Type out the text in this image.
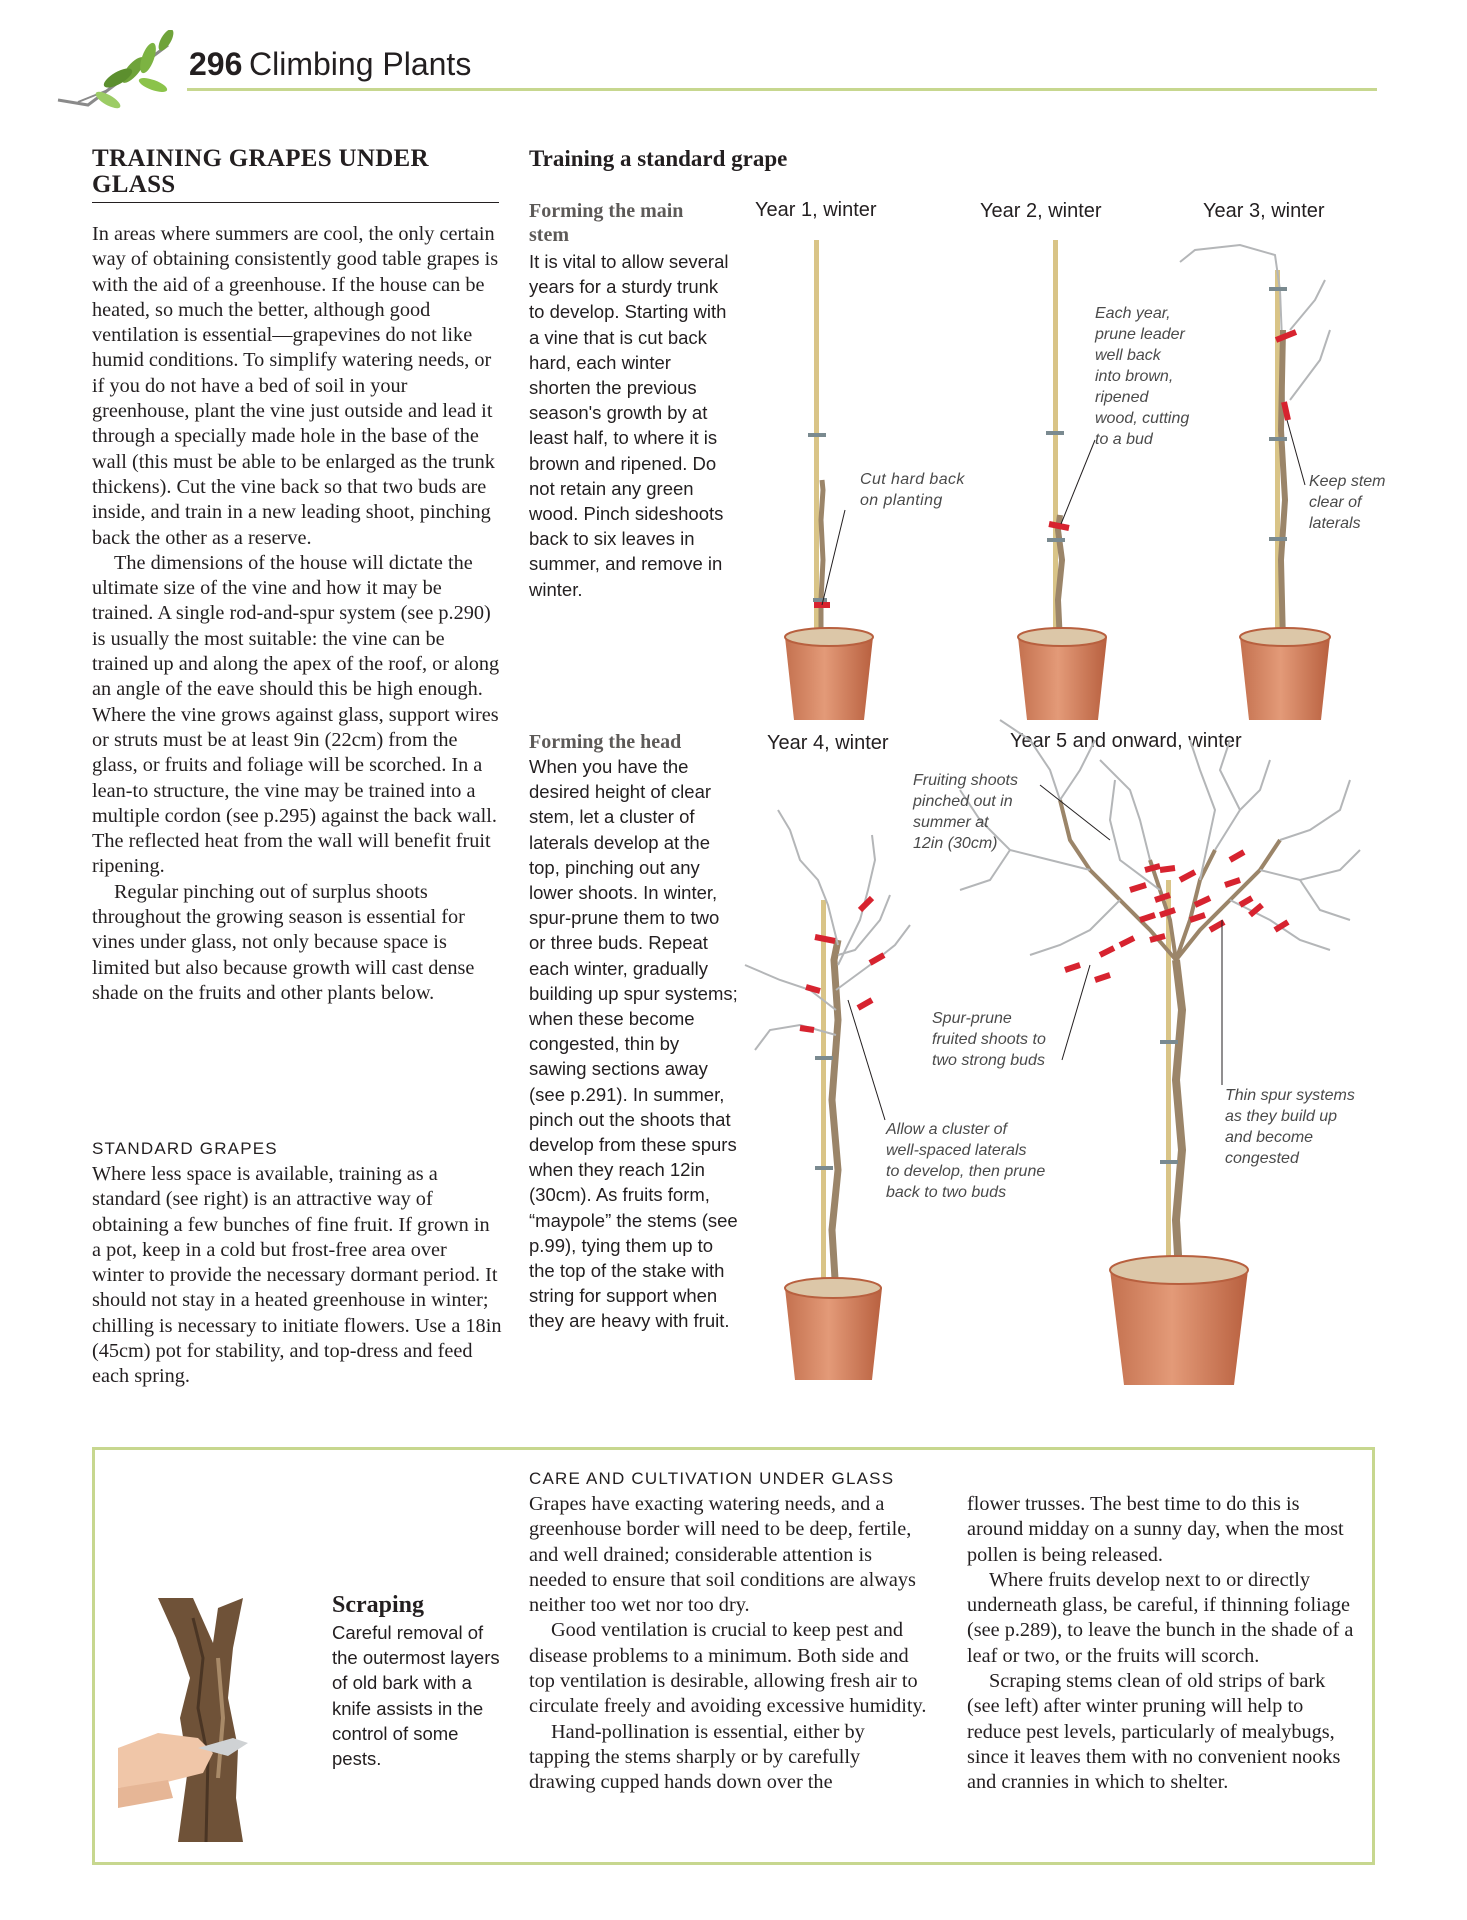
296 Climbing Plants
TRAINING GRAPES UNDER GLASS

In areas where summers are cool, the only certain way of obtaining consistently good table grapes is with the aid of a greenhouse. If the house can be heated, so much the better, although good ventilation is essential—grapevines do not like humid conditions. To simplify watering needs, or if you do not have a bed of soil in your greenhouse, plant the vine just outside and lead it through a specially made hole in the base of the wall (this must be able to be enlarged as the trunk thickens). Cut the vine back so that two buds are inside, and train in a new leading shoot, pinching back the other as a reserve.

The dimensions of the house will dictate the ultimate size of the vine and how it may be trained. A single rod-and-spur system (see p.290) is usually the most suitable: the vine can be trained up and along the apex of the roof, or along an angle of the eave should this be high enough. Where the vine grows against glass, support wires or struts must be at least 9in (22cm) from the glass, or fruits and foliage will be scorched. In a lean-to structure, the vine may be trained into a multiple cordon (see p.295) against the back wall. The reflected heat from the wall will benefit fruit ripening.

Regular pinching out of surplus shoots throughout the growing season is essential for vines under glass, not only because space is limited but also because growth will cast dense shade on the fruits and other plants below.

STANDARD GRAPES

Where less space is available, training as a standard (see right) is an attractive way of obtaining a few bunches of fine fruit. If grown in a pot, keep in a cold but frost-free area over winter to provide the necessary dormant period. It should not stay in a heated greenhouse in winter; chilling is necessary to initiate flowers. Use a 18in (45cm) pot for stability, and top-dress and feed each spring.

Training a standard grape
Forming the main stem
It is vital to allow several years for a sturdy trunk to develop. Starting with a vine that is cut back hard, each winter shorten the previous season's growth by at least half, to where it is brown and ripened. Do not retain any green wood. Pinch sideshoots back to six leaves in summer, and remove in winter.
Forming the head
When you have the desired height of clear stem, let a cluster of laterals develop at the top, pinching out any lower shoots. In winter, spur-prune them to two or three buds. Repeat each winter, gradually building up spur systems; when these become congested, thin by sawing sections away (see p.291). In summer, pinch out the shoots that develop from these spurs when they reach 12in (30cm). As fruits form, “maypole” the stems (see p.99), tying them up to the top of the stake with string for support when they are heavy with fruit.
Year 1, winter	Year 2, winter	Year 3, winter
Year 4, winter	Year 5 and onward, winter
Cut hard back
on planting
Each year,
prune leader
well back
into brown,
ripened
wood, cutting
to a bud
Keep stem
clear of
laterals
Allow a cluster of
well-spaced laterals
to develop, then prune
back to two buds
Fruiting shoots
pinched out in
summer at
12in (30cm)
Spur-prune
fruited shoots to
two strong buds
Thin spur systems
as they build up
and become
congested
Scraping
Careful removal of the outermost layers of old bark with a knife assists in the control of some pests.
CARE AND CULTIVATION UNDER GLASS

Grapes have exacting watering needs, and a greenhouse border will need to be deep, fertile, and well drained; considerable attention is needed to ensure that soil conditions are always neither too wet nor too dry.

Good ventilation is crucial to keep pest and disease problems to a minimum. Both side and top ventilation is desirable, allowing fresh air to circulate freely and avoiding excessive humidity.

Hand-pollination is essential, either by tapping the stems sharply or by carefully drawing cupped hands down over the

flower trusses. The best time to do this is around midday on a sunny day, when the most pollen is being released.

Where fruits develop next to or directly underneath glass, be careful, if thinning foliage (see p.289), to leave the bunch in the shade of a leaf or two, or the fruits will scorch.

Scraping stems clean of old strips of bark (see left) after winter pruning will help to reduce pest levels, particularly of mealybugs, since it leaves them with no convenient nooks and crannies in which to shelter.
